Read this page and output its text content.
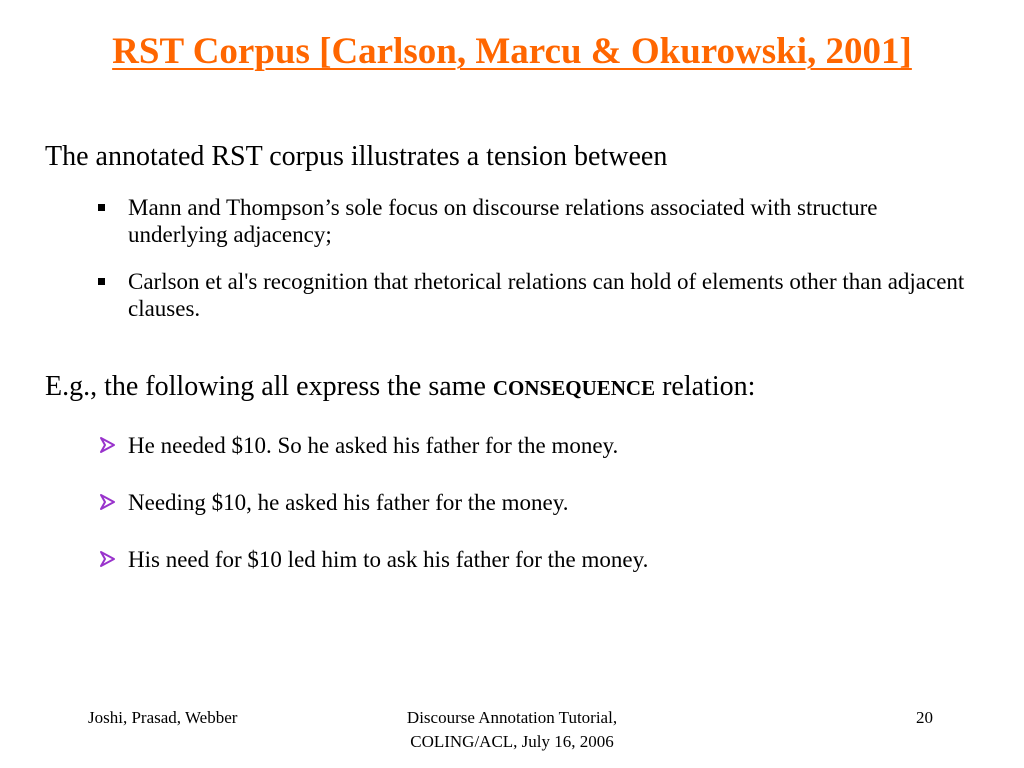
RST Corpus [Carlson, Marcu & Okurowski, 2001]
The annotated RST corpus illustrates a tension between
Mann and Thompson’s sole focus on discourse relations associated with structure underlying adjacency;
Carlson et al's recognition that rhetorical relations can hold of elements other than adjacent clauses.
E.g., the following all express the same CONSEQUENCE relation:
He needed $10. So he asked his father for the money.
Needing $10, he asked his father for the money.
His need for $10 led him to ask his father for the money.
Joshi, Prasad, Webber	Discourse Annotation Tutorial,
COLING/ACL, July 16, 2006
20
